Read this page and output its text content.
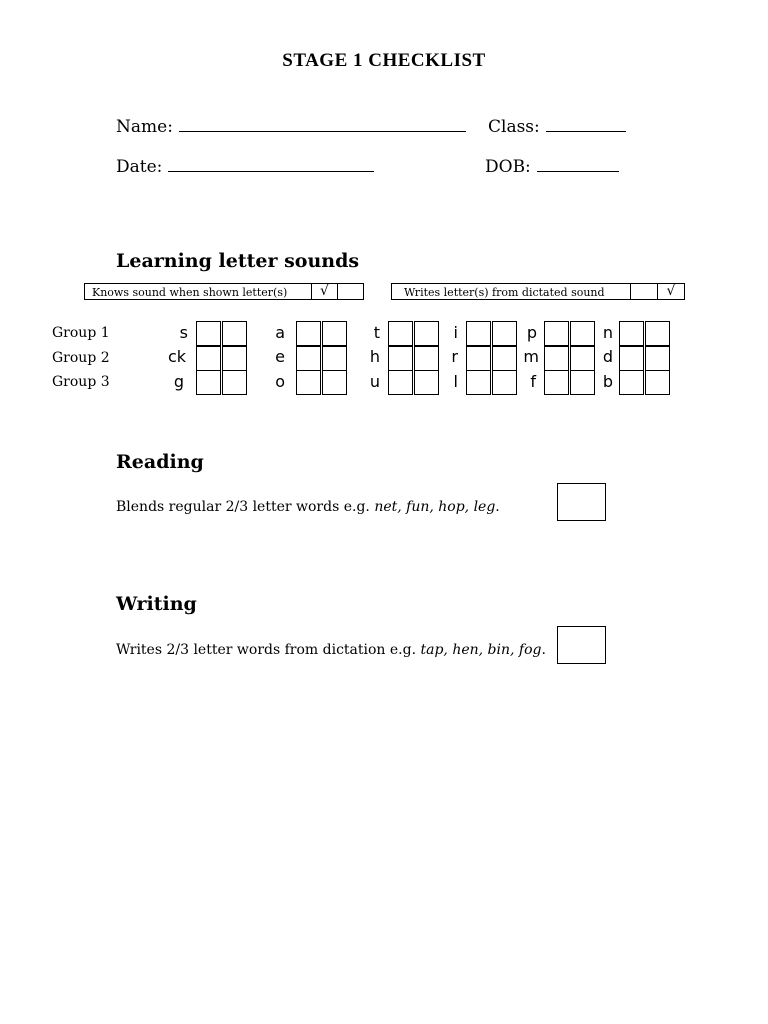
STAGE 1 CHECKLIST
Name:	Class:
Date:	DOB:
Learning letter sounds
Knows sound when shown letter(s)	√	Writes letter(s) from dictated sound	√
Group 1
Group 2
Group 3
s	a	t	i	p	n
ck	e	h	r	m	d
g	o	u	l	f	b
Reading
Blends regular 2/3 letter words e.g. net, fun, hop, leg.
Writing
Writes 2/3 letter words from dictation e.g. tap, hen, bin, fog.
